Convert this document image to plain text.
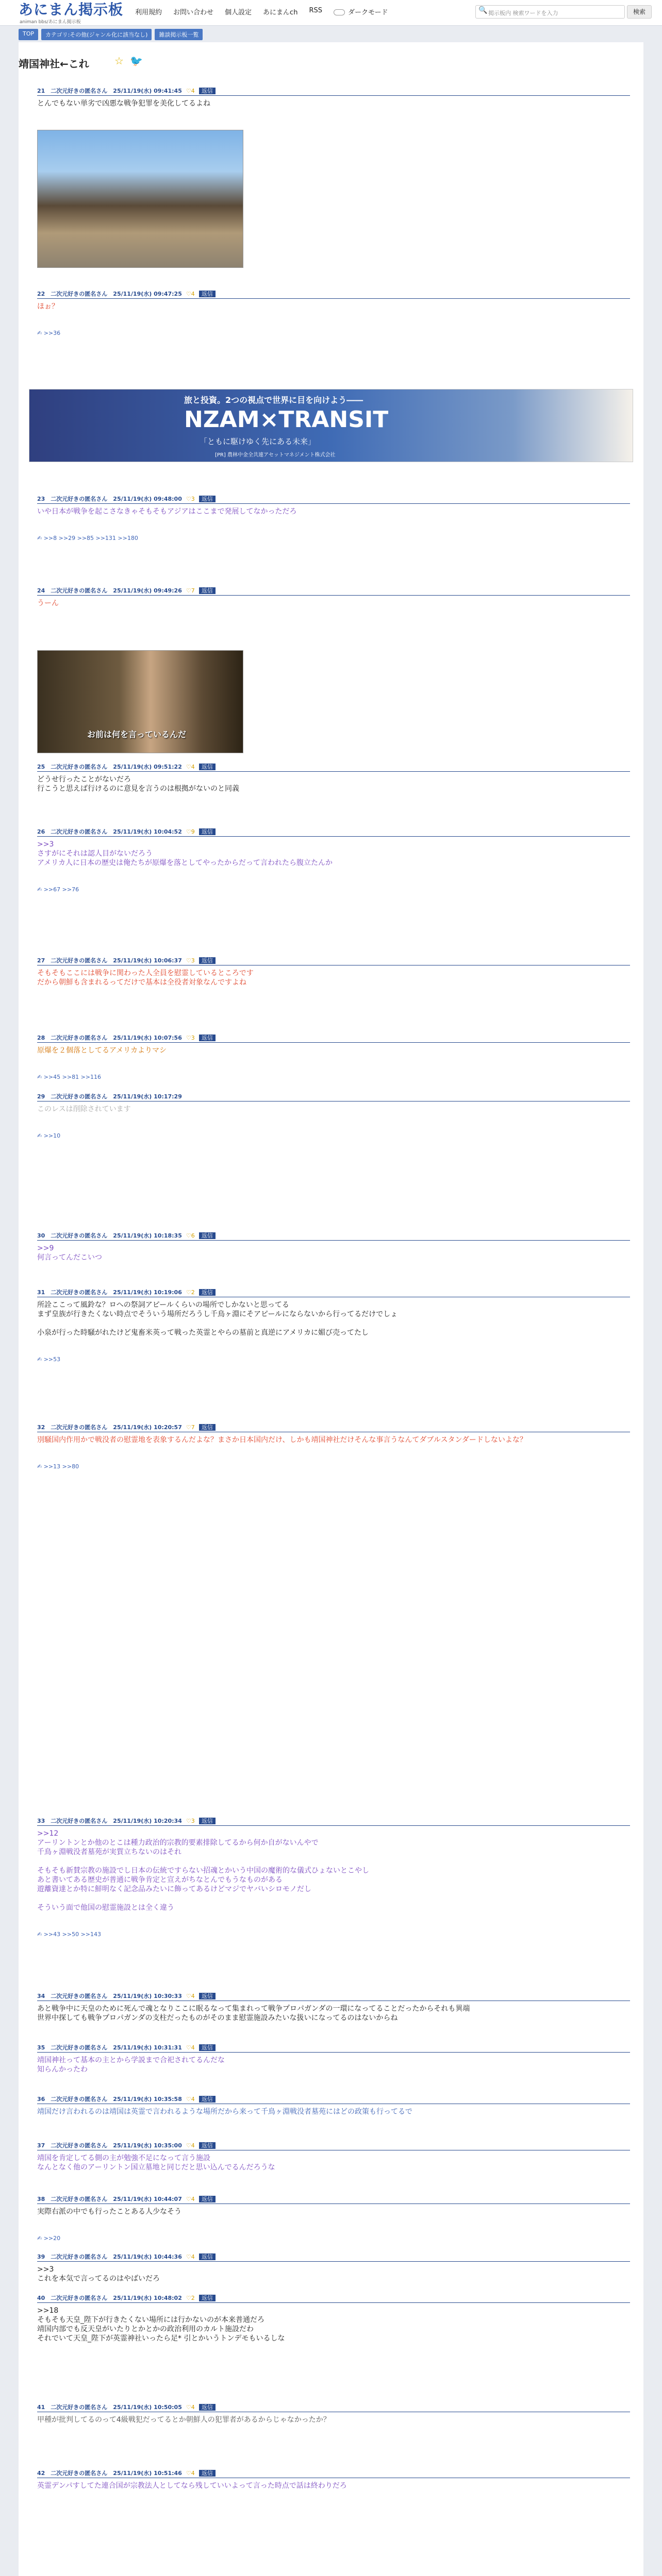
あにまん掲示板
animan bbs/あにまん掲示板
利用規約 お問い合わせ 個人設定 あにまんch RSS	ダークモード	🔍 掲示板内 検索ワードを入力	検索
TOP	カテゴリ:その他(ジャンル化に該当なし)	雑談掲示板一覧
靖国神社←これ ☆ 🐦
旅と投資。2つの視点で世界に目を向けよう――
NZAM×TRANSIT
「ともに駆けゆく先にある未来」
[PR] 農林中金全共連アセットマネジメント株式会社
21　二次元好きの匿名さん　25/11/19(水) 09:41:45 ♡4 返信
とんでもない単劣で凶悪な戦争犯罪を美化してるよね
22　二次元好きの匿名さん　25/11/19(水) 09:47:25 ♡4 返信
ほぉ？
✍ >>36
23　二次元好きの匿名さん　25/11/19(水) 09:48:00 ♡3 返信
いや日本が戦争を起こさなきゃそもそもアジアはここまで発展してなかっただろ
✍ >>8 >>29 >>85 >>131 >>180
24　二次元好きの匿名さん　25/11/19(水) 09:49:26 ♡7 返信
うーん
お前は何を言っているんだ
25　二次元好きの匿名さん　25/11/19(水) 09:51:22 ♡4 返信
どうせ行ったことがないだろ
行こうと思えば行けるのに意見を言うのは根拠がないのと同義
26　二次元好きの匿名さん　25/11/19(水) 10:04:52 ♡9 返信
>>3
さすがにそれは認人目がないだろう
アメリカ人に日本の歴史は俺たちが原爆を落としてやったからだって言われたら腹立たんか
✍ >>67 >>76
27　二次元好きの匿名さん　25/11/19(水) 10:06:37 ♡3 返信
そもそもここには戦争に関わった人全員を慰霊しているところです
だから朝鮮も含まれるってだけで基本は全役者対象なんですよね
28　二次元好きの匿名さん　25/11/19(水) 10:07:56 ♡3 返信
原爆を２個落としてるアメリカよりマシ
✍ >>45 >>81 >>116
29　二次元好きの匿名さん　25/11/19(水) 10:17:29
このレスは削除されています
✍ >>10
30　二次元好きの匿名さん　25/11/19(水) 10:18:35 ♡6 返信
>>9
何言ってんだこいつ
31　二次元好きの匿名さん　25/11/19(水) 10:19:06 ♡2 返信
所詮ここって風鈴な？ロへの祭詞アピールくらいの場所でしかないと思ってる
まず皇族が行きたくない時点でそういう場所だろうし千鳥ヶ淵にそアピールにならないから行ってるだけでしょ

小泉が行った時騒がれたけど鬼畜米英って戦った英霊とやらの墓前と真逆にアメリカに媚び売ってたし
✍ >>53
32　二次元好きの匿名さん　25/11/19(水) 10:20:57 ♡7 返信
別騒国内作用かで戦没者の慰霊地を表象するんだよな？まさか日本国内だけ、しかも靖国神社だけそんな事言うなんてダブルスタンダードしないよな？
✍ >>13 >>80
33　二次元好きの匿名さん　25/11/19(水) 10:20:34 ♡3 返信
>>12
アーリントンとか他のとこは種力政治的宗教的要素排除してるから何か自がないんやで
千鳥ヶ淵戦没者墓苑が実質立ちないのはそれ

そもそも新賛宗教の施設でし日本の伝統ですらない招魂とかいう中国の魔術的な儀式ひょないとこやし
あと書いてある歴史が普通に戦争肯定と宣えがちなとんでもうなものがある
遊離資達とか特に鮮明なく記念品みたいに飾ってあるけどマジでヤバいシロモノだし

そういう面で他国の慰霊施設とは全く違う
✍ >>43 >>50 >>143
34　二次元好きの匿名さん　25/11/19(水) 10:30:33 ♡4 返信
あと戦争中に天皇のために死んで魂となりここに眠るなって集まれって戦争プロパガンダの一環になってることだったからそれも異端
世界中探しても戦争プロパガンダの支柱だったものがそのまま慰霊施設みたいな扱いになってるのはないからね
35　二次元好きの匿名さん　25/11/19(水) 10:31:31 ♡4 返信
靖国神社って基本の主とから学説まで合祀されてるんだな
知らんかったわ
36　二次元好きの匿名さん　25/11/19(水) 10:35:58 ♡4 返信
靖国だけ言われるのは靖国は英霊で言われるような場所だから来って千鳥ヶ淵戦没者墓苑にはどの政策も行ってるで
37　二次元好きの匿名さん　25/11/19(水) 10:35:00 ♡4 返信
靖国を肯定してる側の主が勉強不足になって言う施設
なんとなく他のアーリントン国立墓地と同じだと思い込んでるんだろうな
38　二次元好きの匿名さん　25/11/19(水) 10:44:07 ♡4 返信
実際右派の中でも行ったことある人少なそう
✍ >>20
39　二次元好きの匿名さん　25/11/19(水) 10:44:36 ♡4 返信
>>3
これを本気で言ってるのはやばいだろ
40　二次元好きの匿名さん　25/11/19(水) 10:48:02 ♡2 返信
>>18
そもそも天皇_陛下が行きたくない場所には行かないのが本来普通だろ
靖国内部でも反天皇がいたりとかとかの政治利用のカルト施設だわ
それでいて天皇_陛下が英霊神社いったら足* 引とかいうトンデモもいるしな
41　二次元好きの匿名さん　25/11/19(水) 10:50:05 ♡4 返信
甲種が批判してるのって4級戦犯だってるとか朝鮮人の犯罪者があるからじゃなかったか？
42　二次元好きの匿名さん　25/11/19(水) 10:51:46 ♡4 返信
英霊デンパすしてた連合国が宗教法人としてなら残していいよって言った時点で話は終わりだろ
